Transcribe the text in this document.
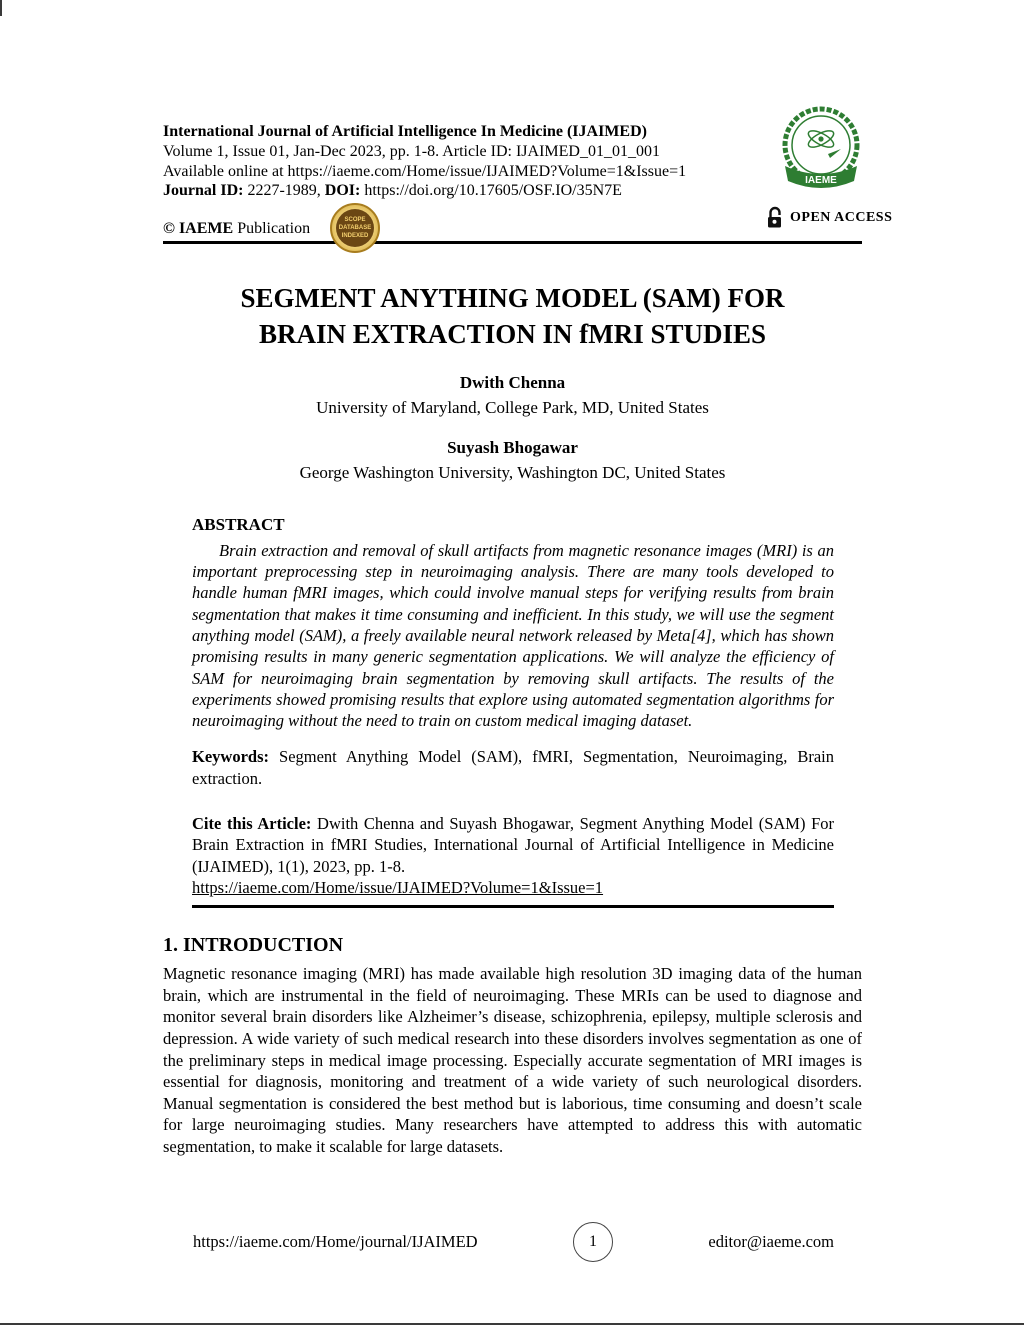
International Journal of Artificial Intelligence In Medicine (IJAIMED)
Volume 1, Issue 01, Jan-Dec 2023, pp. 1-8. Article ID: IJAIMED_01_01_001
Available online at https://iaeme.com/Home/issue/IJAIMED?Volume=1&Issue=1
Journal ID: 2227-1989, DOI: https://doi.org/10.17605/OSF.IO/35N7E
© IAEME Publication
SCOPE
DATABASE
INDEXED
IAEME
OPEN ACCESS
SEGMENT ANYTHING MODEL (SAM) FOR
BRAIN EXTRACTION IN fMRI STUDIES
Dwith Chenna
University of Maryland, College Park, MD, United States
Suyash Bhogawar
George Washington University, Washington DC, United States
ABSTRACT
Brain extraction and removal of skull artifacts from magnetic resonance images (MRI) is an important preprocessing step in neuroimaging analysis. There are many tools developed to handle human fMRI images, which could involve manual steps for verifying results from brain segmentation that makes it time consuming and inefficient. In this study, we will use the segment anything model (SAM), a freely available neural network released by Meta[4], which has shown promising results in many generic segmentation applications. We will analyze the efficiency of SAM for neuroimaging brain segmentation by removing skull artifacts. The results of the experiments showed promising results that explore using automated segmentation algorithms for neuroimaging without the need to train on custom medical imaging dataset.
Keywords: Segment Anything Model (SAM), fMRI, Segmentation, Neuroimaging, Brain extraction.
Cite this Article: Dwith Chenna and Suyash Bhogawar, Segment Anything Model (SAM) For Brain Extraction in fMRI Studies, International Journal of Artificial Intelligence in Medicine (IJAIMED), 1(1), 2023, pp. 1-8.
https://iaeme.com/Home/issue/IJAIMED?Volume=1&Issue=1
1. INTRODUCTION
Magnetic resonance imaging (MRI) has made available high resolution 3D imaging data of the human brain, which are instrumental in the field of neuroimaging. These MRIs can be used to diagnose and monitor several brain disorders like Alzheimer’s disease, schizophrenia, epilepsy, multiple sclerosis and depression. A wide variety of such medical research into these disorders involves segmentation as one of the preliminary steps in medical image processing. Especially accurate segmentation of MRI images is essential for diagnosis, monitoring and treatment of a wide variety of such neurological disorders. Manual segmentation is considered the best method but is laborious, time consuming and doesn’t scale for large neuroimaging studies. Many researchers have attempted to address this with automatic segmentation, to make it scalable for large datasets.
https://iaeme.com/Home/journal/IJAIMED	1	editor@iaeme.com
